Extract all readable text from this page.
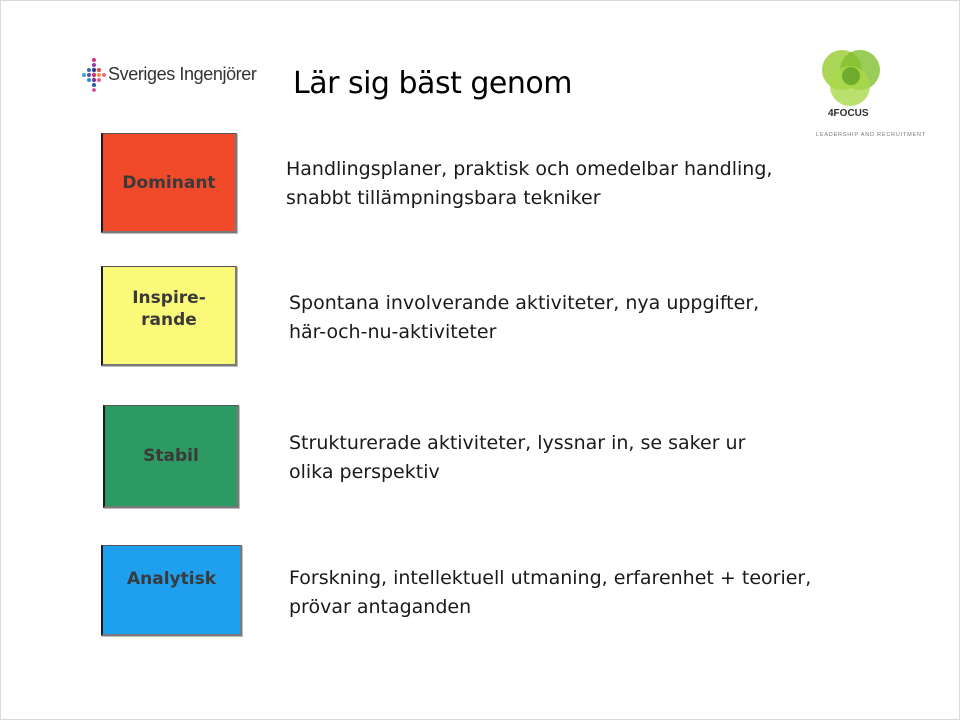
Sveriges Ingenjörer Lär sig bäst genom
4FOCUS
LEADERSHIP AND RECRUITMENT
Dominant
Handlingsplaner, praktisk och omedelbar handling,
snabbt tillämpningsbara tekniker
Inspire-
rande
Spontana involverande aktiviteter, nya uppgifter,
här-och-nu-aktiviteter
Stabil
Strukturerade aktiviteter, lyssnar in, se saker ur
olika perspektiv
Analytisk	Forskning, intellektuell utmaning, erfarenhet + teorier,
prövar antaganden
